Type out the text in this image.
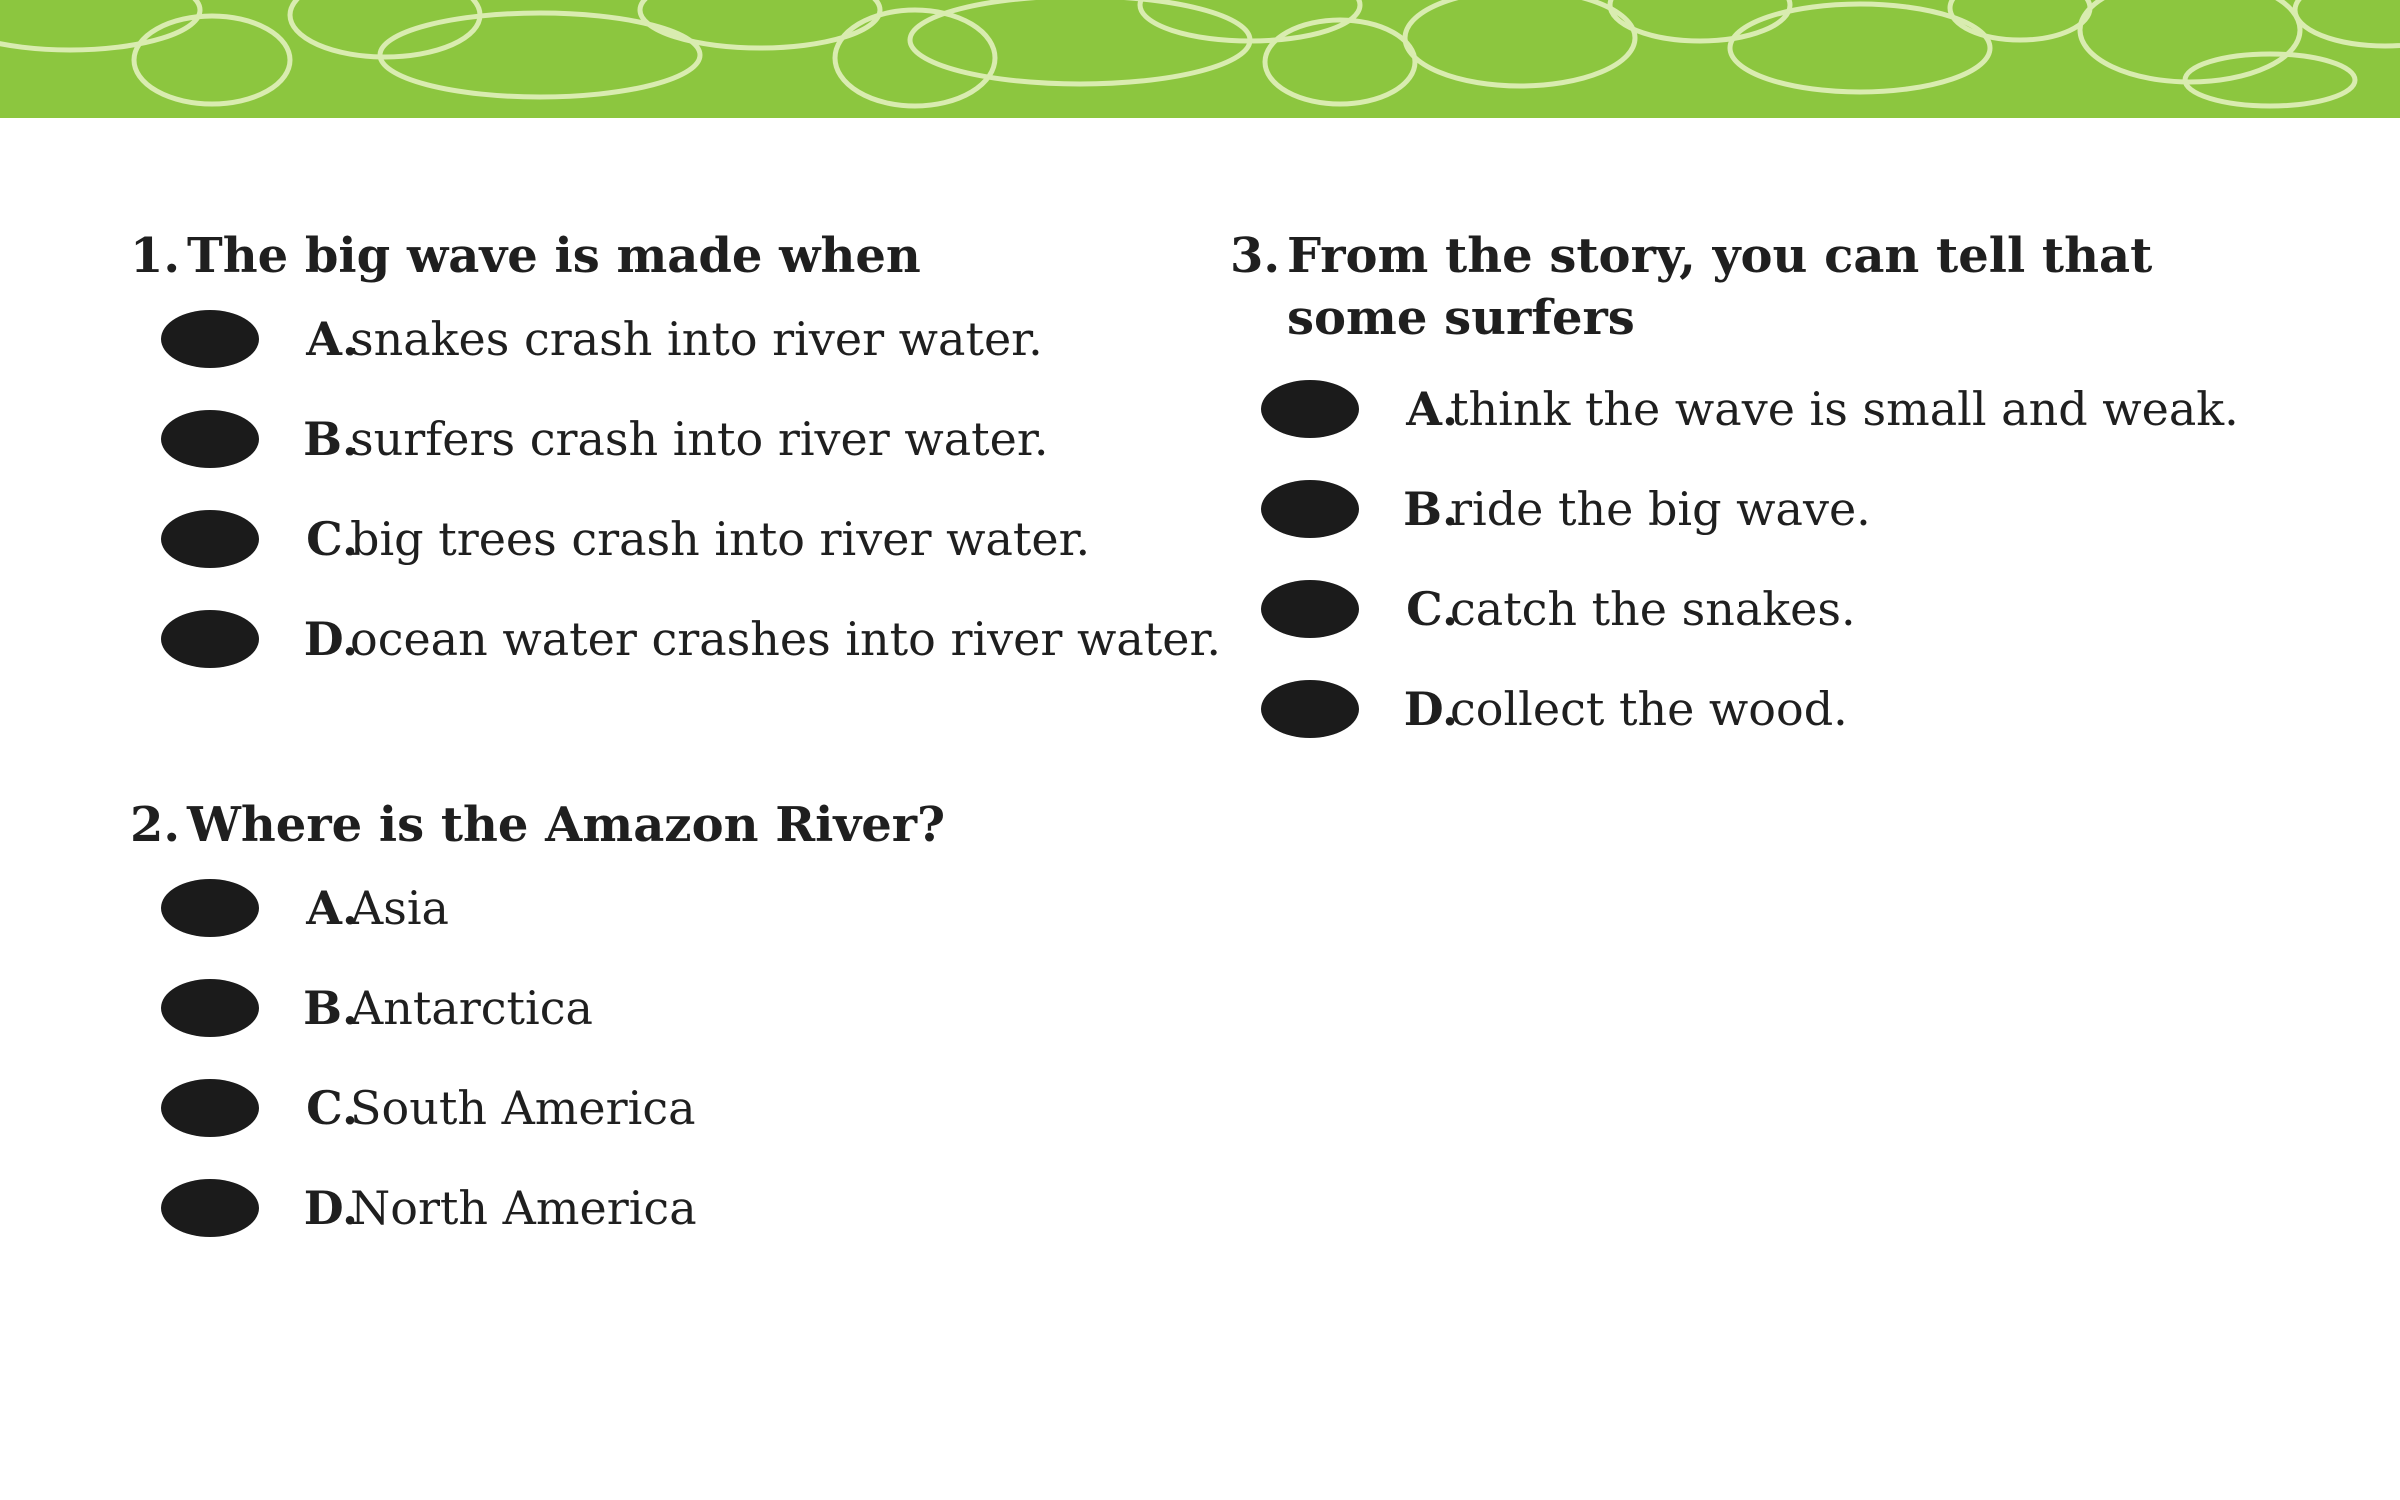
1. The big wave is made when
A.
snakes crash into river water.
B.
surfers crash into river water.
C.
big trees crash into river water.
D.
ocean water crashes into river water.
2. Where is the Amazon River?
A.
Asia
B.
Antarctica
C.
South America
D.
North America
3. From the story, you can tell that
some surfers
A.
think the wave is small and weak.
B.
ride the big wave.
C.
catch the snakes.
D.
collect the wood.
